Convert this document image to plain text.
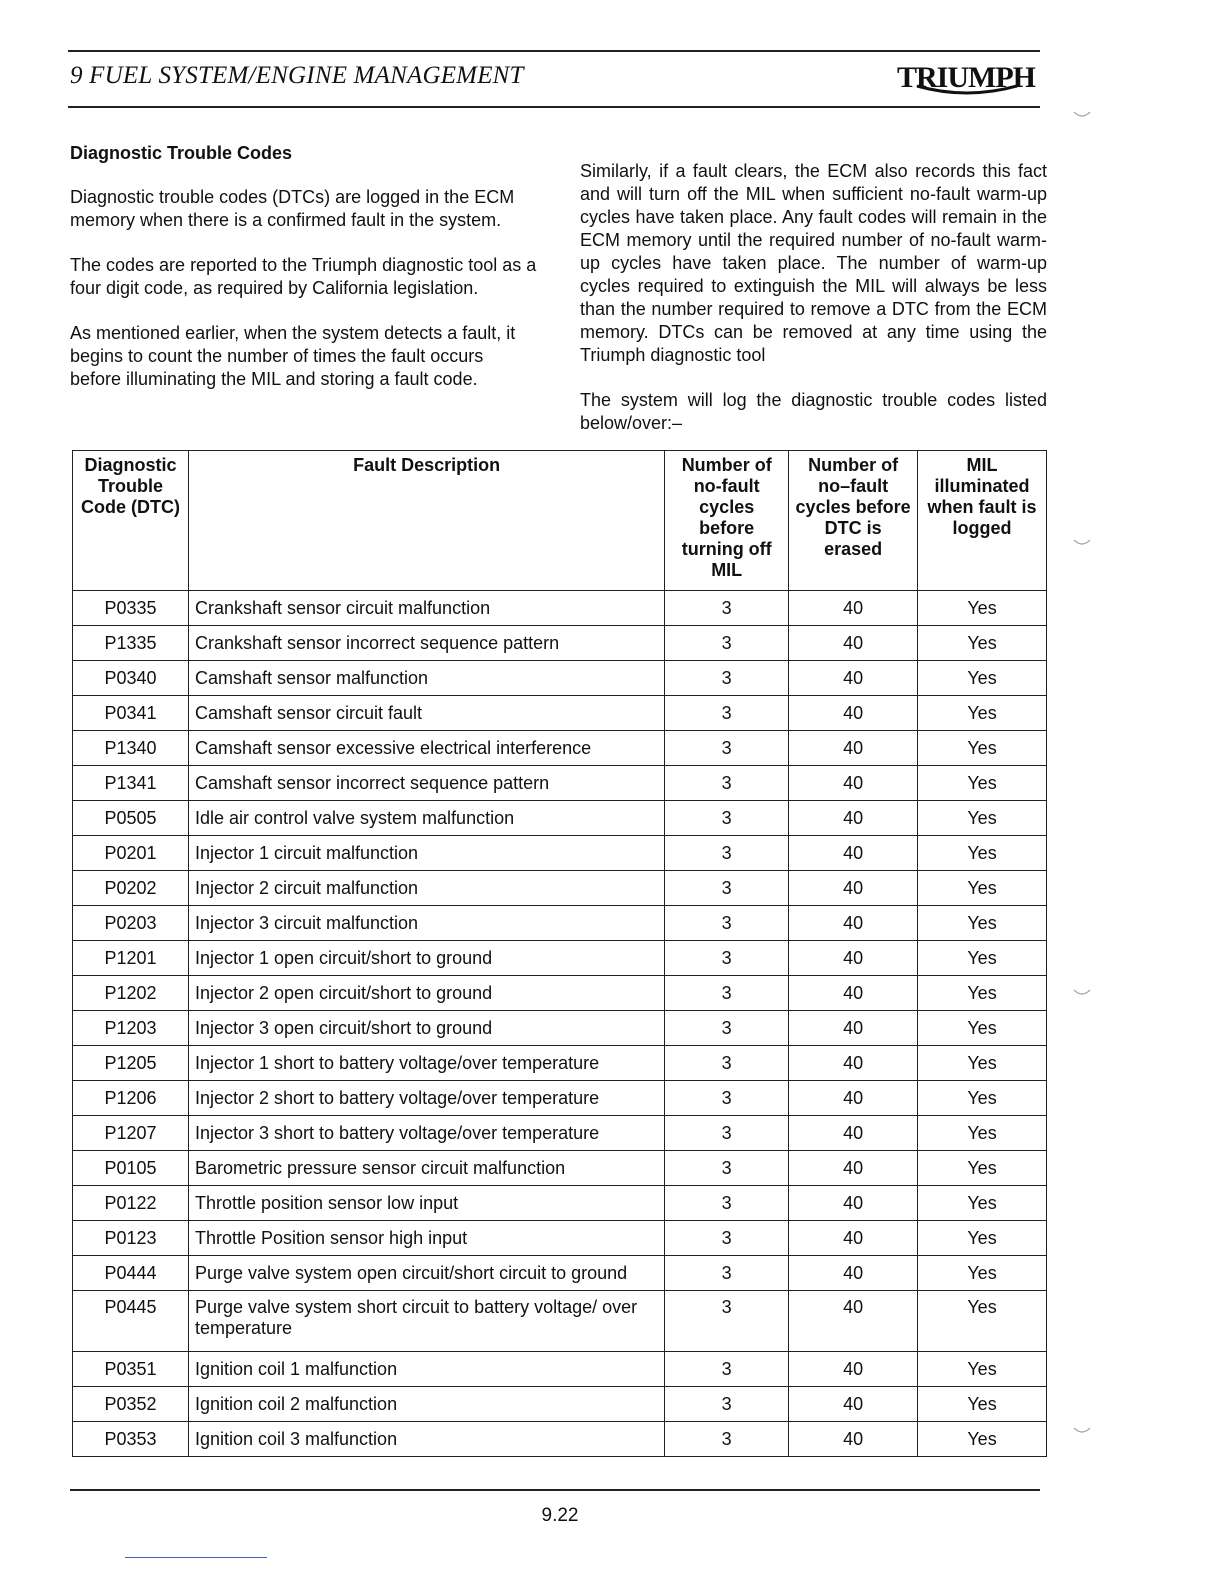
9 FUEL SYSTEM/ENGINE MANAGEMENT	TRIUMPH
Diagnostic Trouble Codes

Diagnostic trouble codes (DTCs) are logged in the ECM memory when there is a confirmed fault in the system.

The codes are reported to the Triumph diagnostic tool as a four digit code, as required by California legislation.

As mentioned earlier, when the system detects a fault, it begins to count the number of times the fault occurs before illuminating the MIL and storing a fault code.

Similarly, if a fault clears, the ECM also records this fact and will turn off the MIL when sufficient no-fault warm-up cycles have taken place. Any fault codes will remain in the ECM memory until the required number of no-fault warm-up cycles have taken place. The number of warm-up cycles required to extinguish the MIL will always be less than the number required to remove a DTC from the ECM memory. DTCs can be removed at any time using the Triumph diagnostic tool

The system will log the diagnostic trouble codes listed below/over:–

Diagnostic Trouble Code (DTC)	Fault Description	Number of no-fault cycles before turning off MIL	Number of no–fault cycles before DTC is erased	MIL illuminated when fault is logged
P0335	Crankshaft sensor circuit malfunction	3	40	Yes
P1335	Crankshaft sensor incorrect sequence pattern	3	40	Yes
P0340	Camshaft sensor malfunction	3	40	Yes
P0341	Camshaft sensor circuit fault	3	40	Yes
P1340	Camshaft sensor excessive electrical interference	3	40	Yes
P1341	Camshaft sensor incorrect sequence pattern	3	40	Yes
P0505	Idle air control valve system malfunction	3	40	Yes
P0201	Injector 1 circuit malfunction	3	40	Yes
P0202	Injector 2 circuit malfunction	3	40	Yes
P0203	Injector 3 circuit malfunction	3	40	Yes
P1201	Injector 1 open circuit/short to ground	3	40	Yes
P1202	Injector 2 open circuit/short to ground	3	40	Yes
P1203	Injector 3 open circuit/short to ground	3	40	Yes
P1205	Injector 1 short to battery voltage/over temperature	3	40	Yes
P1206	Injector 2 short to battery voltage/over temperature	3	40	Yes
P1207	Injector 3 short to battery voltage/over temperature	3	40	Yes
P0105	Barometric pressure sensor circuit malfunction	3	40	Yes
P0122	Throttle position sensor low input	3	40	Yes
P0123	Throttle Position sensor high input	3	40	Yes
P0444	Purge valve system open circuit/short circuit to ground	3	40	Yes
P0445	Purge valve system short circuit to battery voltage/ over temperature	3	40	Yes
P0351	Ignition coil 1 malfunction	3	40	Yes
P0352	Ignition coil 2 malfunction	3	40	Yes
P0353	Ignition coil 3 malfunction	3	40	Yes
9.22
